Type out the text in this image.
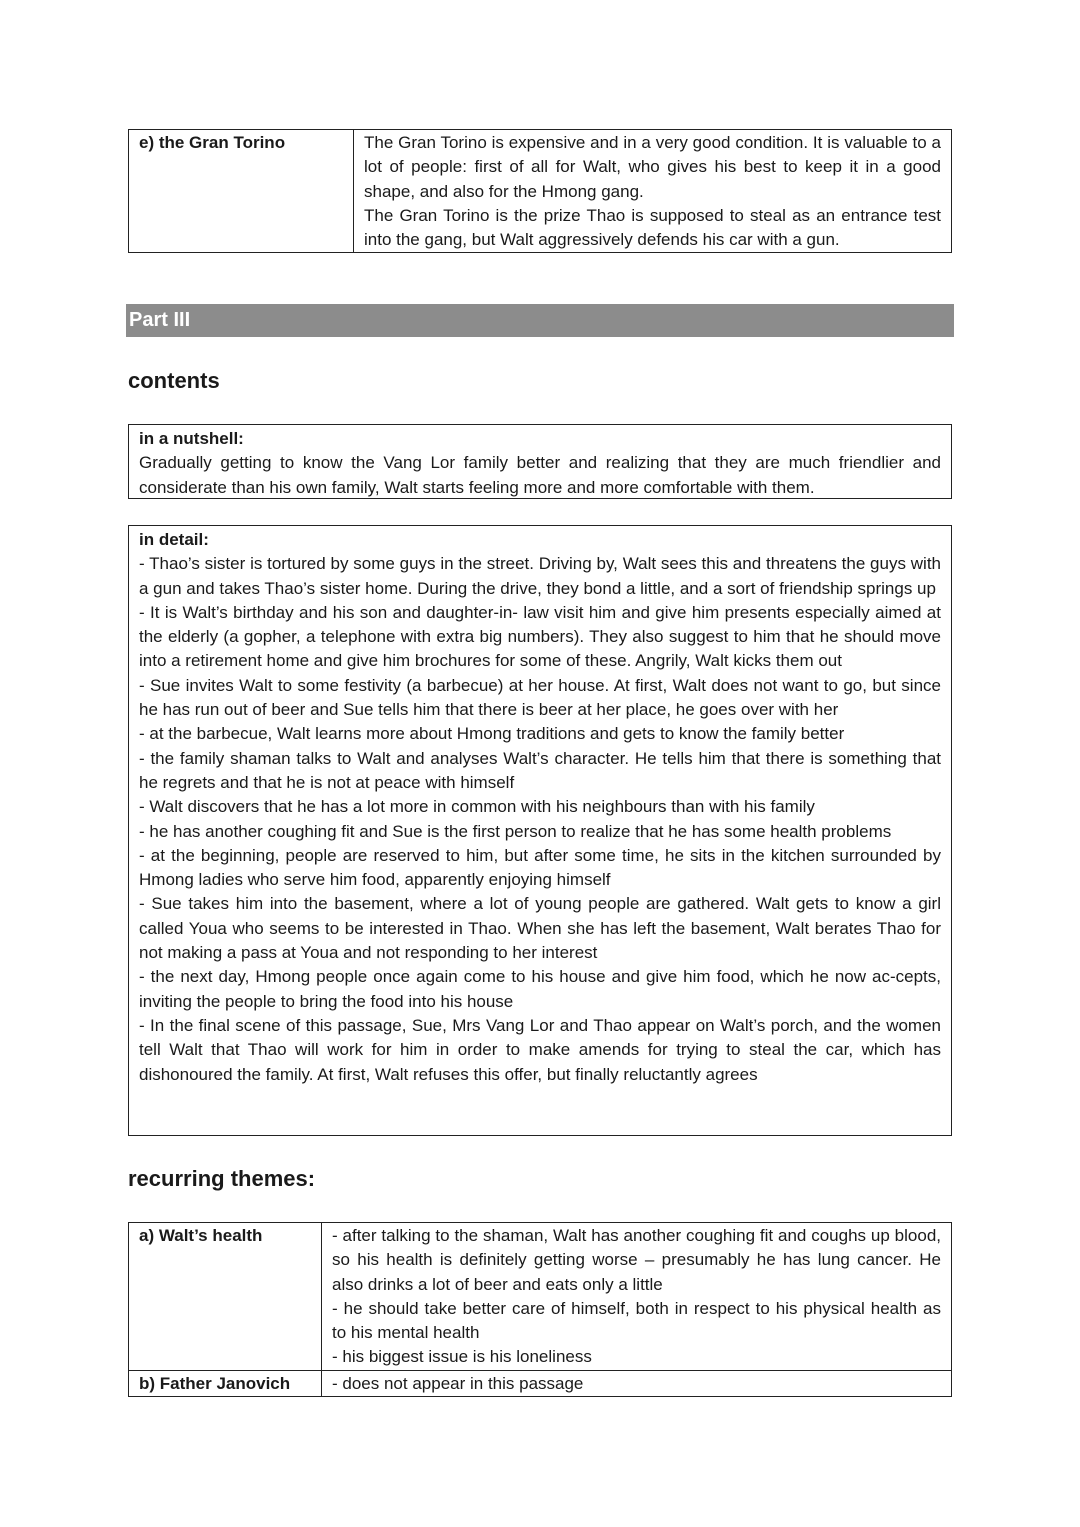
e) the Gran Torino	The Gran Torino is expensive and in a very good condition. It is valuable to a lot of people: first of all for Walt, who gives his best to keep it in a good shape, and also for the Hmong gang.
The Gran Torino is the prize Thao is supposed to steal as an entrance test into the gang, but Walt aggressively defends his car with a gun.
Part III
contents
in a nutshell:
Gradually getting to know the Vang Lor family better and realizing that they are much friendlier and considerate than his own family, Walt starts feeling more and more comfortable with them.
in detail:
- Thao’s sister is tortured by some guys in the street. Driving by, Walt sees this and threatens the guys with a gun and takes Thao’s sister home. During the drive, they bond a little, and a sort of friendship springs up
- It is Walt’s birthday and his son and daughter-in- law visit him and give him presents especially aimed at the elderly (a gopher, a telephone with extra big numbers). They also suggest to him that he should move into a retirement home and give him brochures for some of these. Angrily, Walt kicks them out
- Sue invites Walt to some festivity (a barbecue) at her house. At first, Walt does not want to go, but since he has run out of beer and Sue tells him that there is beer at her place, he goes over with her
- at the barbecue, Walt learns more about Hmong traditions and gets to know the family better
- the family shaman talks to Walt and analyses Walt’s character. He tells him that there is something that he regrets and that he is not at peace with himself
- Walt discovers that he has a lot more in common with his neighbours than with his family
- he has another coughing fit and Sue is the first person to realize that he has some health problems
- at the beginning, people are reserved to him, but after some time, he sits in the kitchen surrounded by Hmong ladies who serve him food, apparently enjoying himself
- Sue takes him into the basement, where a lot of young people are gathered. Walt gets to know a girl called Youa who seems to be interested in Thao. When she has left the basement, Walt berates Thao for not making a pass at Youa and not responding to her interest
- the next day, Hmong people once again come to his house and give him food, which he now ac-cepts, inviting the people to bring the food into his house
- In the final scene of this passage, Sue, Mrs Vang Lor and Thao appear on Walt’s porch, and the women tell Walt that Thao will work for him in order to make amends for trying to steal the car, which has dishonoured the family. At first, Walt refuses this offer, but finally reluctantly agrees
recurring themes:
a) Walt’s health	- after talking to the shaman, Walt has another coughing fit and coughs up blood, so his health is definitely getting worse – presumably he has lung cancer. He also drinks a lot of beer and eats only a little
- he should take better care of himself, both in respect to his physical health as to his mental health
- his biggest issue is his loneliness

b) Father Janovich	- does not appear in this passage
